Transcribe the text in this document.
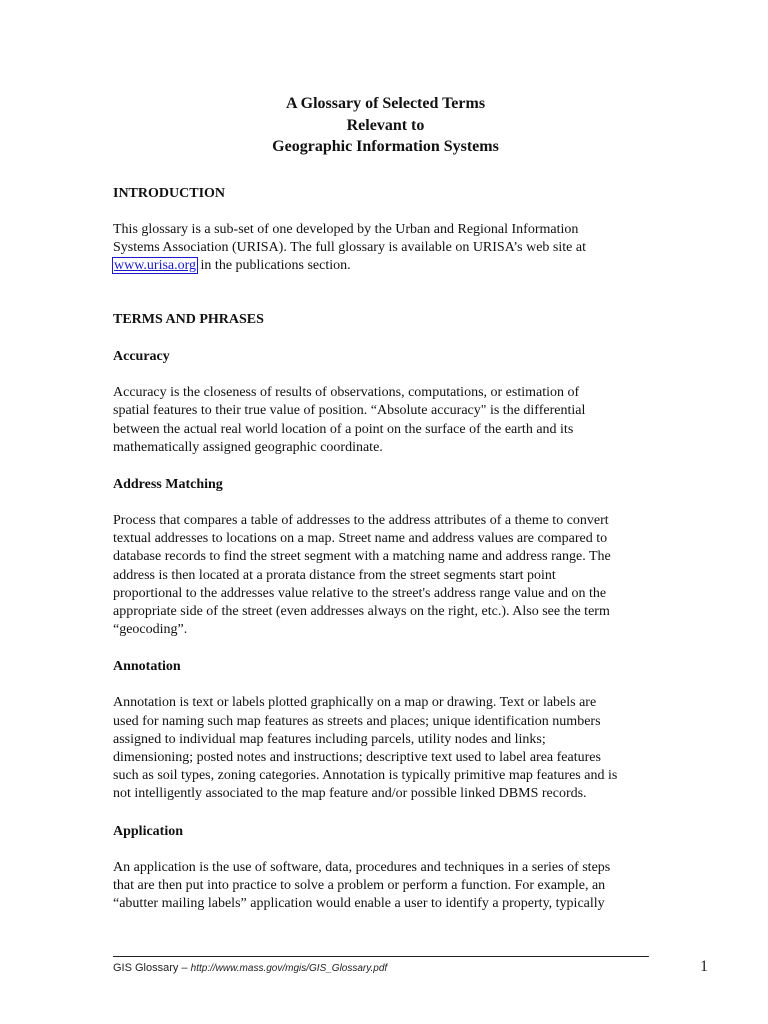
A Glossary of Selected Terms
Relevant to
Geographic Information Systems
INTRODUCTION

This glossary is a sub-set of one developed by the Urban and Regional Information
Systems Association (URISA). The full glossary is available on URISA’s web site at
www.urisa.org in the publications section.

TERMS AND PHRASES
Accuracy

Accuracy is the closeness of results of observations, computations, or estimation of
spatial features to their true value of position. “Absolute accuracy" is the differential
between the actual real world location of a point on the surface of the earth and its
mathematically assigned geographic coordinate.

Address Matching

Process that compares a table of addresses to the address attributes of a theme to convert
textual addresses to locations on a map. Street name and address values are compared to
database records to find the street segment with a matching name and address range. The
address is then located at a prorata distance from the street segments start point
proportional to the addresses value relative to the street's address range value and on the
appropriate side of the street (even addresses always on the right, etc.). Also see the term
“geocoding”.

Annotation

Annotation is text or labels plotted graphically on a map or drawing. Text or labels are
used for naming such map features as streets and places; unique identification numbers
assigned to individual map features including parcels, utility nodes and links;
dimensioning; posted notes and instructions; descriptive text used to label area features
such as soil types, zoning categories. Annotation is typically primitive map features and is
not intelligently associated to the map feature and/or possible linked DBMS records.

Application

An application is the use of software, data, procedures and techniques in a series of steps
that are then put into practice to solve a problem or perform a function. For example, an
“abutter mailing labels” application would enable a user to identify a property, typically

GIS Glossary – http://www.mass.gov/mgis/GIS_Glossary.pdf	1
